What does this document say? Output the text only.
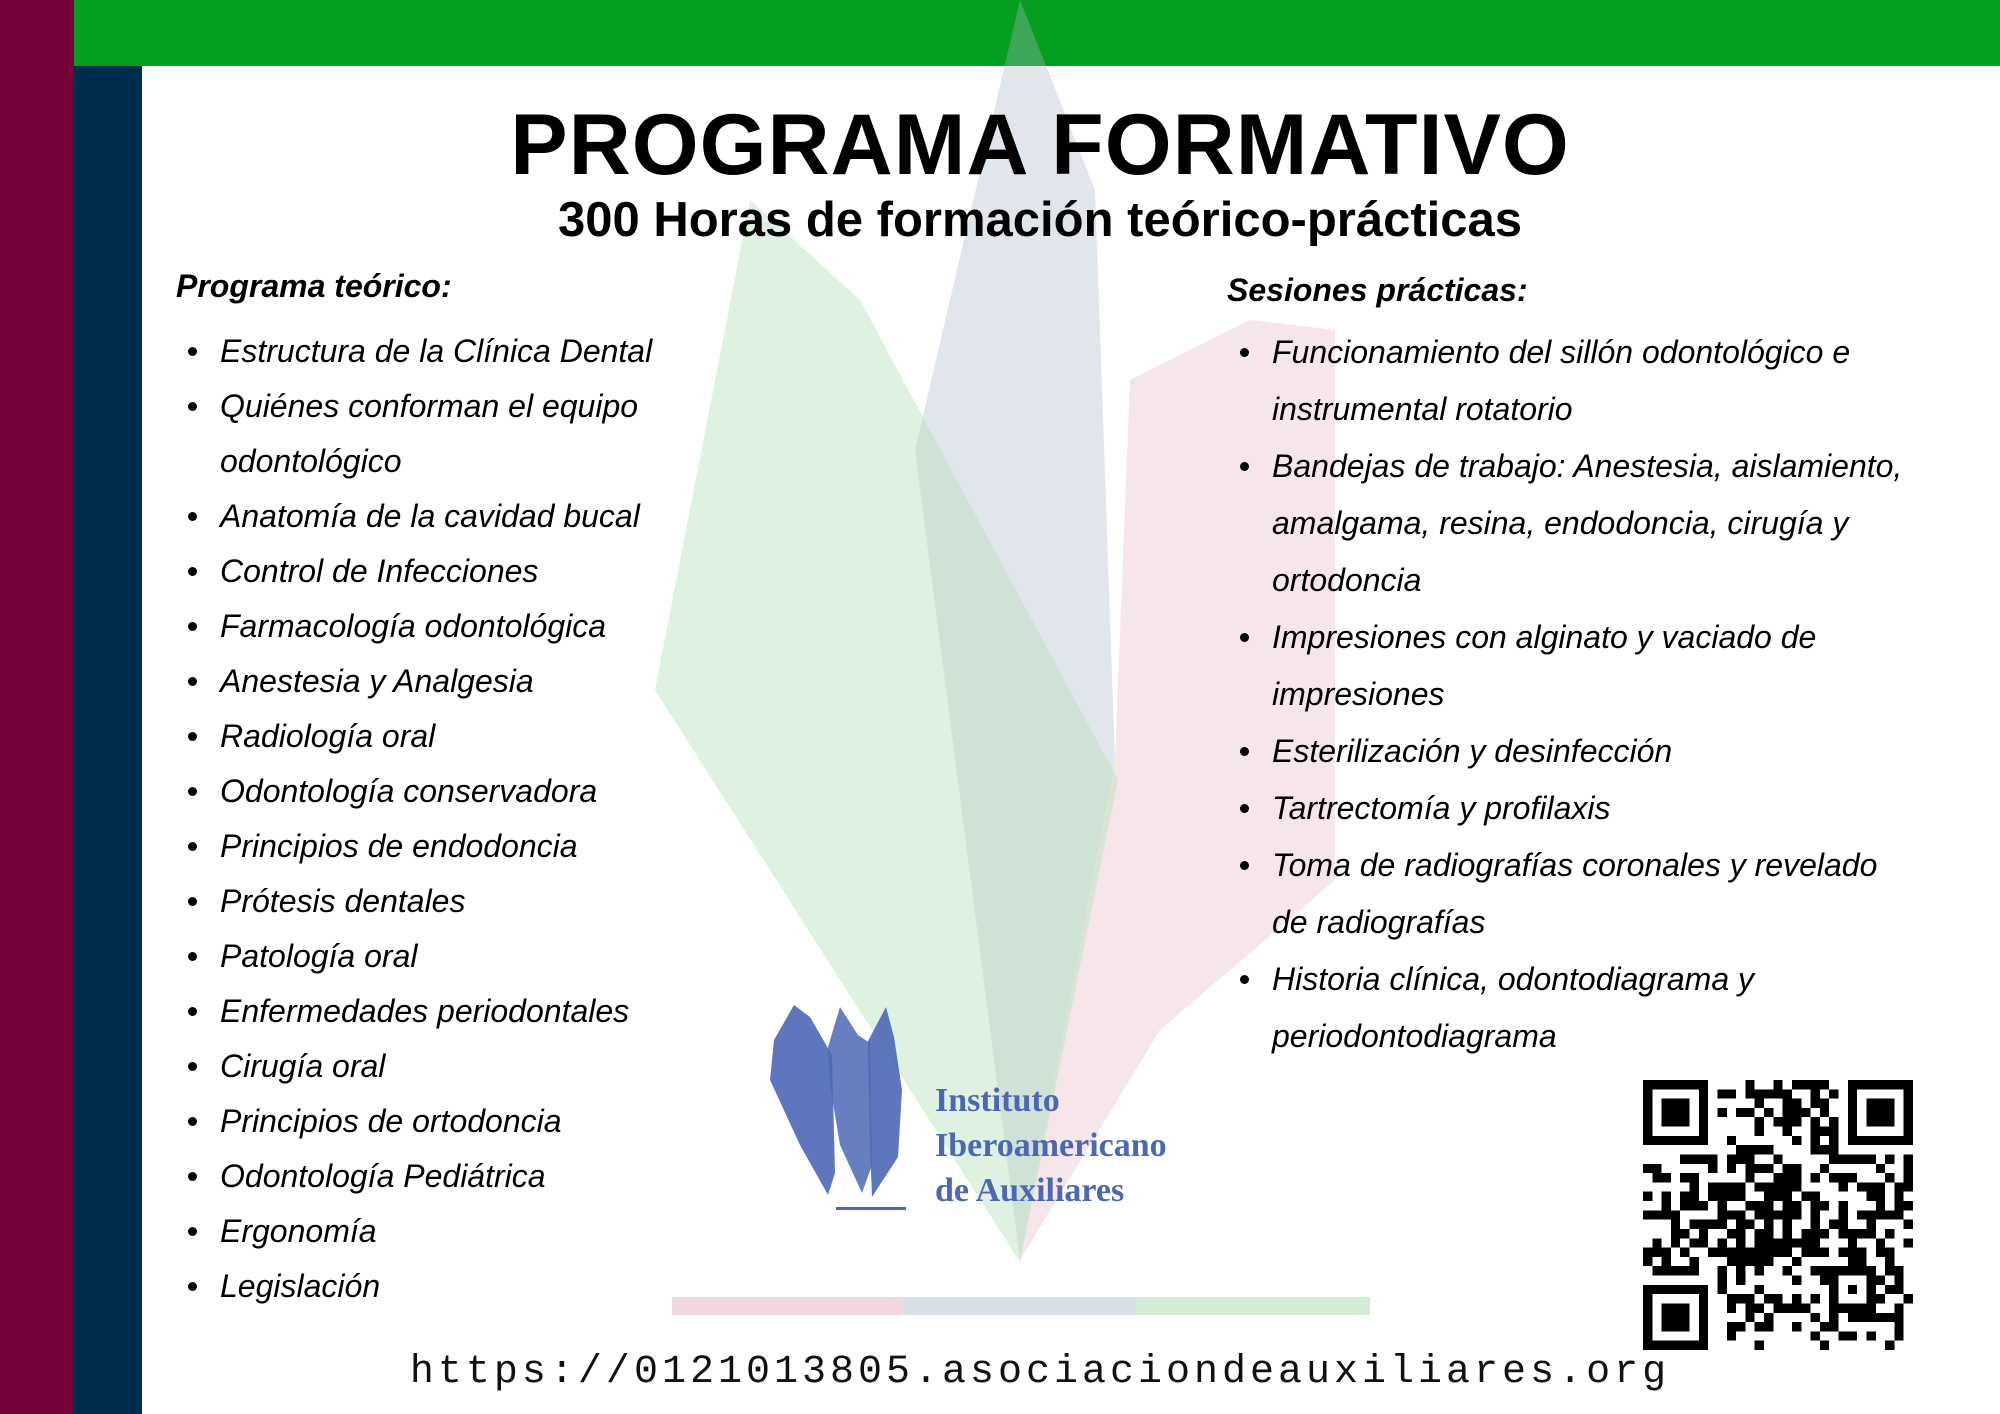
PROGRAMA FORMATIVO
300 Horas de formación teórico-prácticas

Programa teórico:

Estructura de la Clínica Dental
Quiénes conforman el equipo odontológico
Anatomía de la cavidad bucal
Control de Infecciones
Farmacología odontológica
Anestesia y Analgesia
Radiología oral
Odontología conservadora
Principios de endodoncia
Prótesis dentales
Patología oral
Enfermedades periodontales
Cirugía oral
Principios de ortodoncia
Odontología Pediátrica
Ergonomía
Legislación

Sesiones prácticas:

Funcionamiento del sillón odontológico e instrumental rotatorio
Bandejas de trabajo: Anestesia, aislamiento, amalgama, resina, endodoncia, cirugía y ortodoncia
Impresiones con alginato y vaciado de impresiones
Esterilización y desinfección
Tartrectomía y profilaxis
Toma de radiografías coronales y revelado de radiografías
Historia clínica, odontodiagrama y periodontodiagrama

Instituto

Iberoamericano

de Auxiliares

https://0121013805.asociaciondeauxiliares.org
